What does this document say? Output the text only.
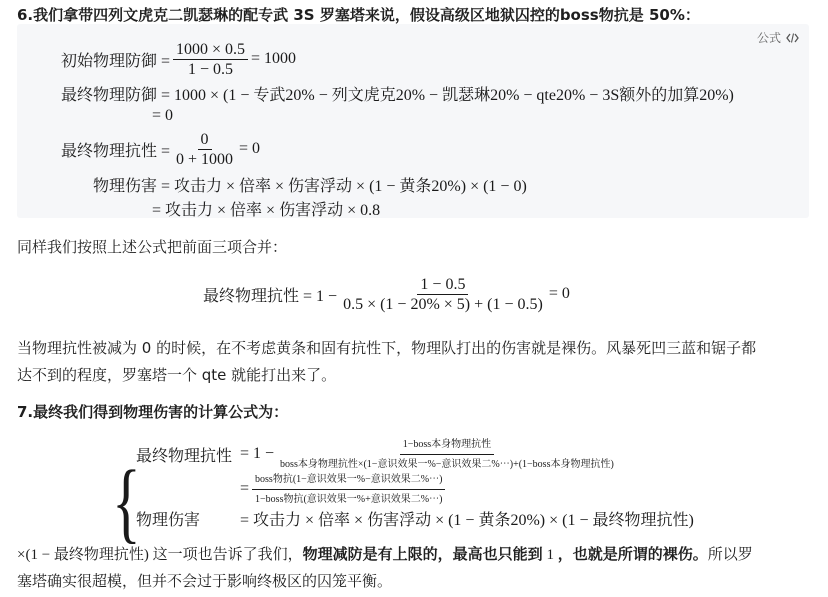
6.我们拿带四列文虎克二凯瑟琳的配专武 3S 罗塞塔来说，假设高级区地狱囚控的boss物抗是 50%：
公式
初始物理防御 = $\frac{1000 \times 0.5}{1 - 0.5} = 1000$
最终物理防御 = 1000 × (1 − 专武20% − 列文虎克20% − 凯瑟琳20% − qte20% − 3S额外的加算20%)
= 0
最终物理抗性 = $\frac{0}{0 + 1000} = 0$
物理伤害 = 攻击力 × 倍率 × 伤害浮动 × (1 − 黄条20%) × (1 − 0)
= 攻击力 × 倍率 × 伤害浮动 × 0.8
同样我们按照上述公式把前面三项合并：
最终物理抗性 = $1 - \frac{1 - 0.5}{0.5 \times (1 - 20\% \times 5) + (1 - 0.5)} = 0$
当物理抗性被减为 0 的时候，在不考虑黄条和固有抗性下，物理队打出的伤害就是裸伤。风暴死凹三蓝和锯子都
达不到的程度，罗塞塔一个 qte 就能打出来了。
7.最终我们得到物理伤害的计算公式为：
{
最终物理抗性 = $1 - \frac{\text{1−boss本身物理抗性}}{\text{boss本身物理抗性×(1−意识效果一\%−意识效果二\%⋯)+(1−boss本身物理抗性)}}$
= $\frac{\text{boss物抗(1−意识效果一\%−意识效果二\%⋯)}}{\text{1−boss物抗(意识效果一\%+意识效果二\%⋯)}}$
物理伤害 = 攻击力 × 倍率 × 伤害浮动 × (1 − 黄条20%) × (1 − 最终物理抗性)
×(1 − 最终物理抗性) 这一项也告诉了我们，物理减防是有上限的，最高也只能到 1 ，也就是所谓的裸伤。所以罗
塞塔确实很超模，但并不会过于影响终极区的囚笼平衡。
